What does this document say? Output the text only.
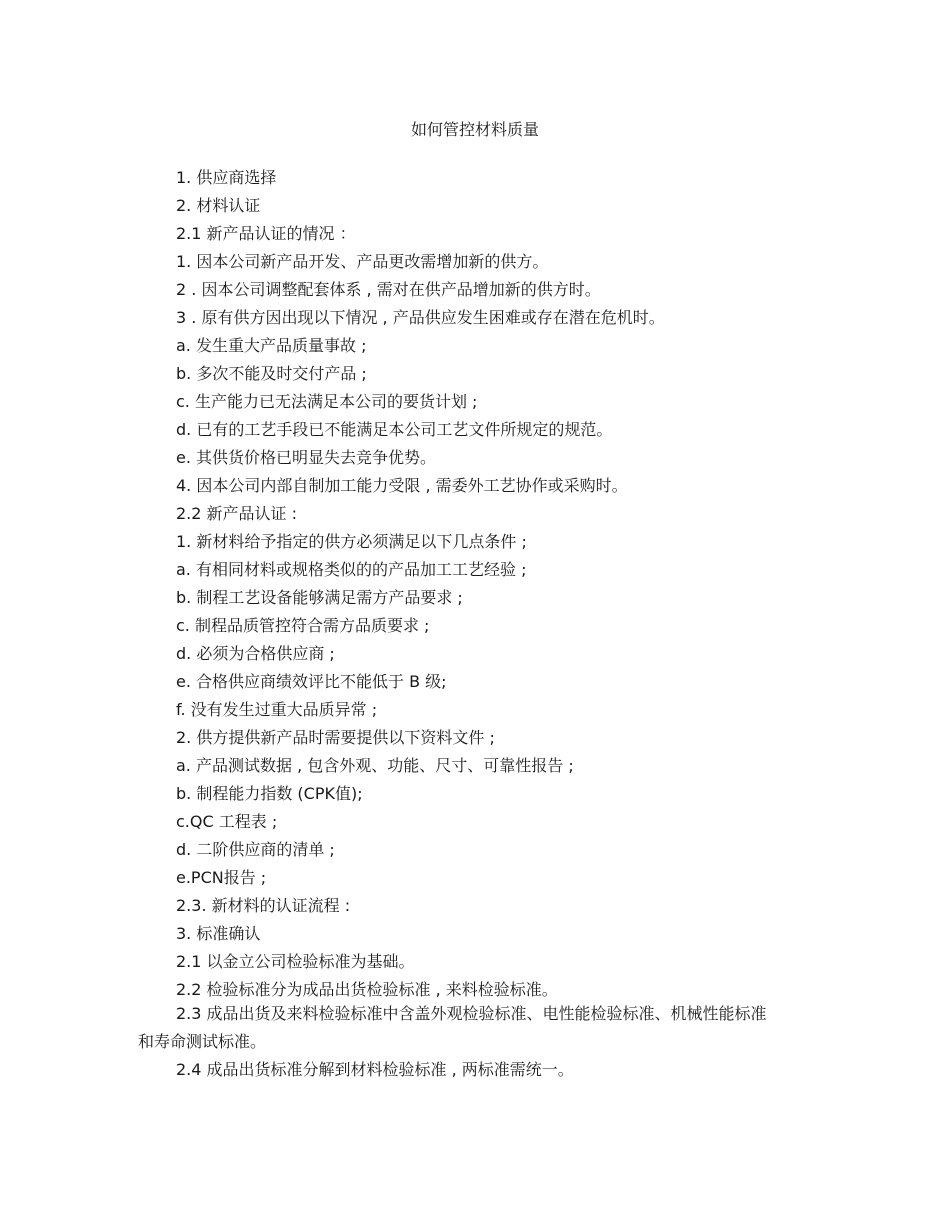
如何管控材料质量
1. 供应商选择
2. 材料认证
2.1 新产品认证的情况 ：
1. 因本公司新产品开发、产品更改需增加新的供方。
2 . 因本公司调整配套体系 , 需对在供产品增加新的供方时。
3 . 原有供方因出现以下情况 , 产品供应发生困难或存在潜在危机时。
a. 发生重大产品质量事故 ;
b. 多次不能及时交付产品 ;
c. 生产能力已无法满足本公司的要货计划 ;
d. 已有的工艺手段已不能满足本公司工艺文件所规定的规范。
e. 其供货价格已明显失去竞争优势。
4. 因本公司内部自制加工能力受限 , 需委外工艺协作或采购时。
2.2 新产品认证 :
1. 新材料给予指定的供方必须满足以下几点条件 ;
a. 有相同材料或规格类似的的产品加工工艺经验 ;
b. 制程工艺设备能够满足需方产品要求 ;
c. 制程品质管控符合需方品质要求 ;
d. 必须为合格供应商 ;
e. 合格供应商绩效评比不能低于 B 级;
f. 没有发生过重大品质异常 ;
2. 供方提供新产品时需要提供以下资料文件 ;
a. 产品测试数据 , 包含外观、功能、尺寸、可靠性报告 ;
b. 制程能力指数 (CPK值);
c.QC 工程表 ;
d. 二阶供应商的清单 ;
e.PCN报告 ;
2.3. 新材料的认证流程 :
3. 标准确认
2.1 以金立公司检验标准为基础。
2.2 检验标准分为成品出货检验标准 , 来料检验标准。
2.3 成品出货及来料检验标准中含盖外观检验标准、电性能检验标准、机械性能标准和寿命测试标准。
2.4 成品出货标准分解到材料检验标准 , 两标准需统一。
